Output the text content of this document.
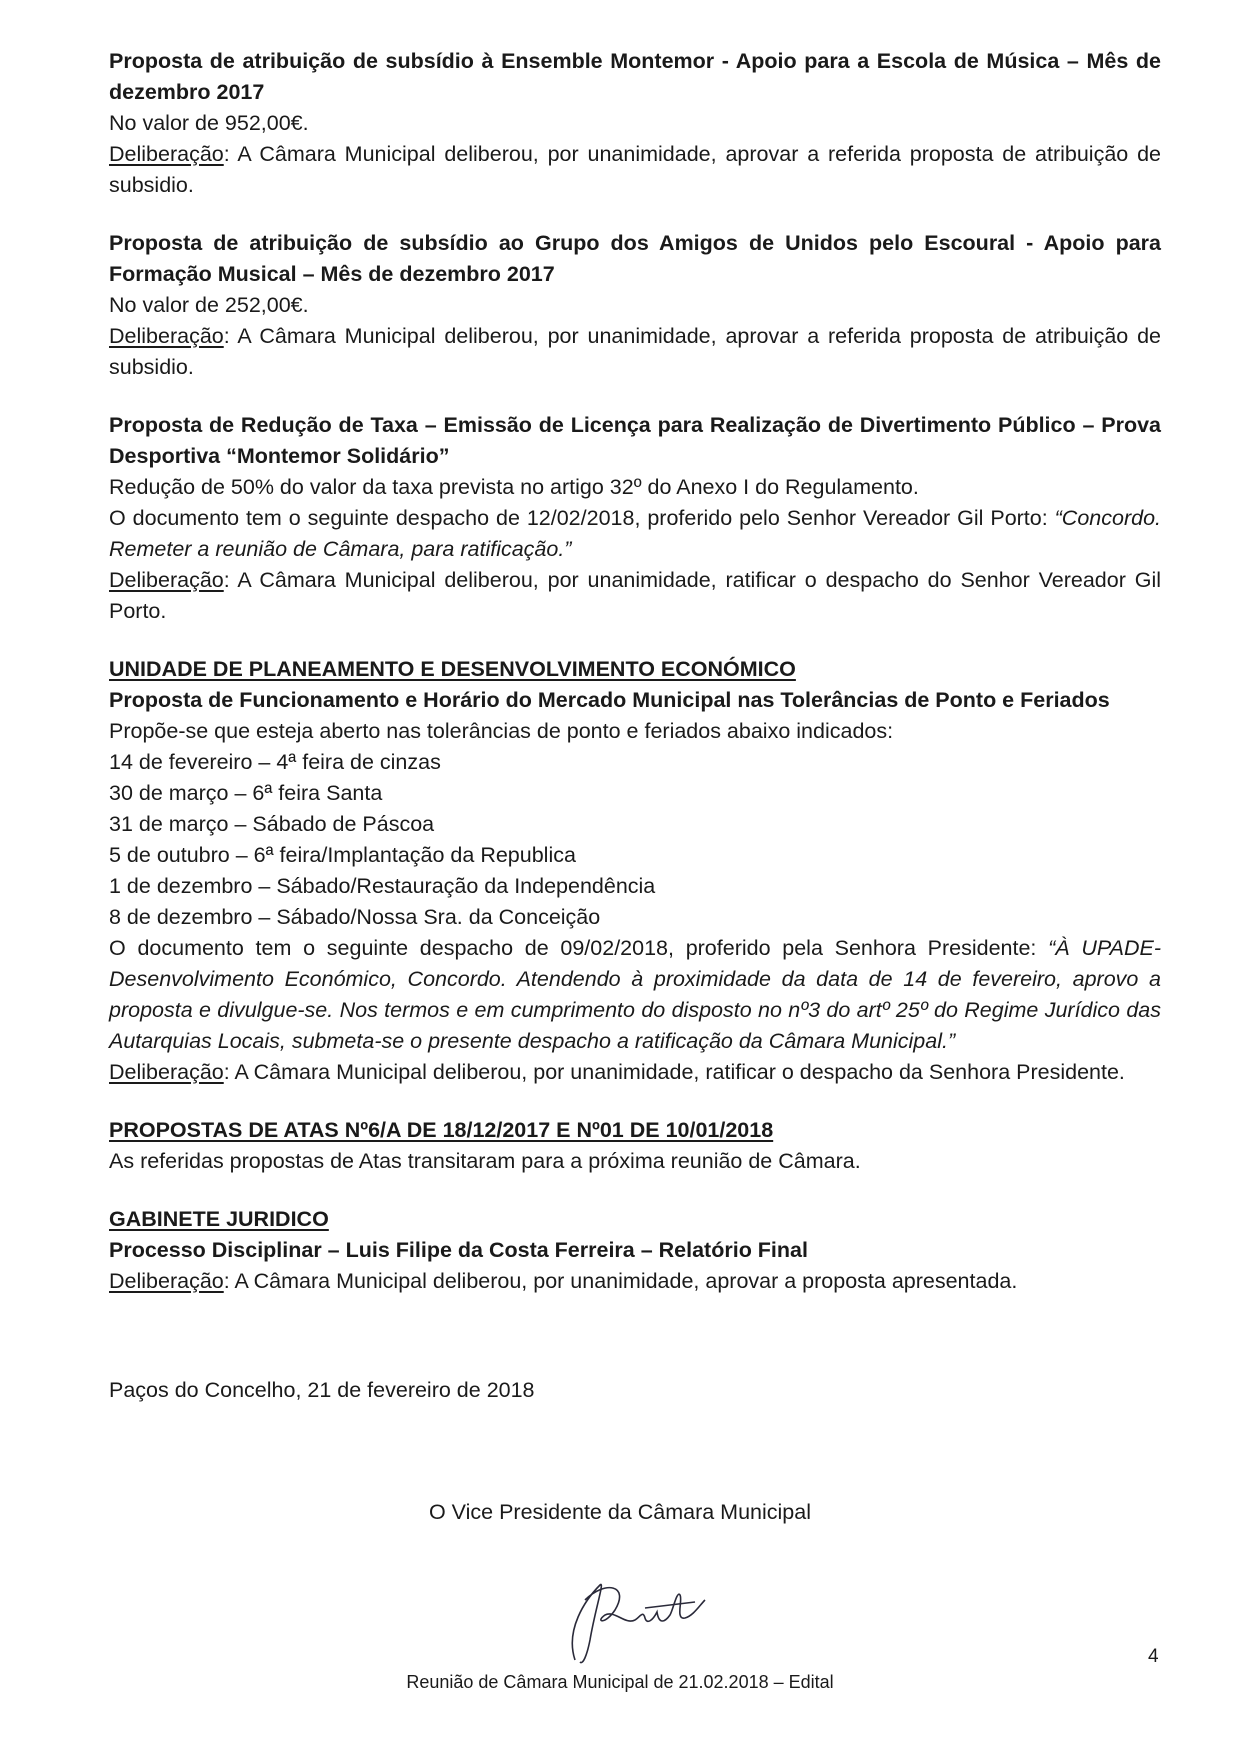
Proposta de atribuição de subsídio à Ensemble Montemor - Apoio para a Escola de Música – Mês de dezembro 2017
No valor de 952,00€.
Deliberação: A Câmara Municipal deliberou, por unanimidade, aprovar a referida proposta de atribuição de subsidio.
Proposta de atribuição de subsídio ao Grupo dos Amigos de Unidos pelo Escoural - Apoio para Formação Musical – Mês de dezembro 2017
No valor de 252,00€.
Deliberação: A Câmara Municipal deliberou, por unanimidade, aprovar a referida proposta de atribuição de subsidio.
Proposta de Redução de Taxa – Emissão de Licença para Realização de Divertimento Público – Prova Desportiva “Montemor Solidário”
Redução de 50% do valor da taxa prevista no artigo 32º do Anexo I do Regulamento.
O documento tem o seguinte despacho de 12/02/2018, proferido pelo Senhor Vereador Gil Porto: “Concordo. Remeter a reunião de Câmara, para ratificação.”
Deliberação: A Câmara Municipal deliberou, por unanimidade, ratificar o despacho do Senhor Vereador Gil Porto.
UNIDADE DE PLANEAMENTO E DESENVOLVIMENTO ECONÓMICO
Proposta de Funcionamento e Horário do Mercado Municipal nas Tolerâncias de Ponto e Feriados
Propõe-se que esteja aberto nas tolerâncias de ponto e feriados abaixo indicados:
14 de fevereiro – 4ª feira de cinzas
30 de março – 6ª feira Santa
31 de março – Sábado de Páscoa
5 de outubro – 6ª feira/Implantação da Republica
1 de dezembro – Sábado/Restauração da Independência
8 de dezembro – Sábado/Nossa Sra. da Conceição
O documento tem o seguinte despacho de 09/02/2018, proferido pela Senhora Presidente: “À UPADE-Desenvolvimento Económico, Concordo. Atendendo à proximidade da data de 14 de fevereiro, aprovo a proposta e divulgue-se. Nos termos e em cumprimento do disposto no nº3 do artº 25º do Regime Jurídico das Autarquias Locais, submeta-se o presente despacho a ratificação da Câmara Municipal.”
Deliberação: A Câmara Municipal deliberou, por unanimidade, ratificar o despacho da Senhora Presidente.
PROPOSTAS DE ATAS Nº6/A DE 18/12/2017 E Nº01 DE 10/01/2018
As referidas propostas de Atas transitaram para a próxima reunião de Câmara.
GABINETE JURIDICO
Processo Disciplinar – Luis Filipe da Costa Ferreira – Relatório Final
Deliberação: A Câmara Municipal deliberou, por unanimidade, aprovar a proposta apresentada.
Paços do Concelho, 21 de fevereiro de 2018
O Vice Presidente da Câmara Municipal
Reunião de Câmara Municipal de 21.02.2018 – Edital
4
